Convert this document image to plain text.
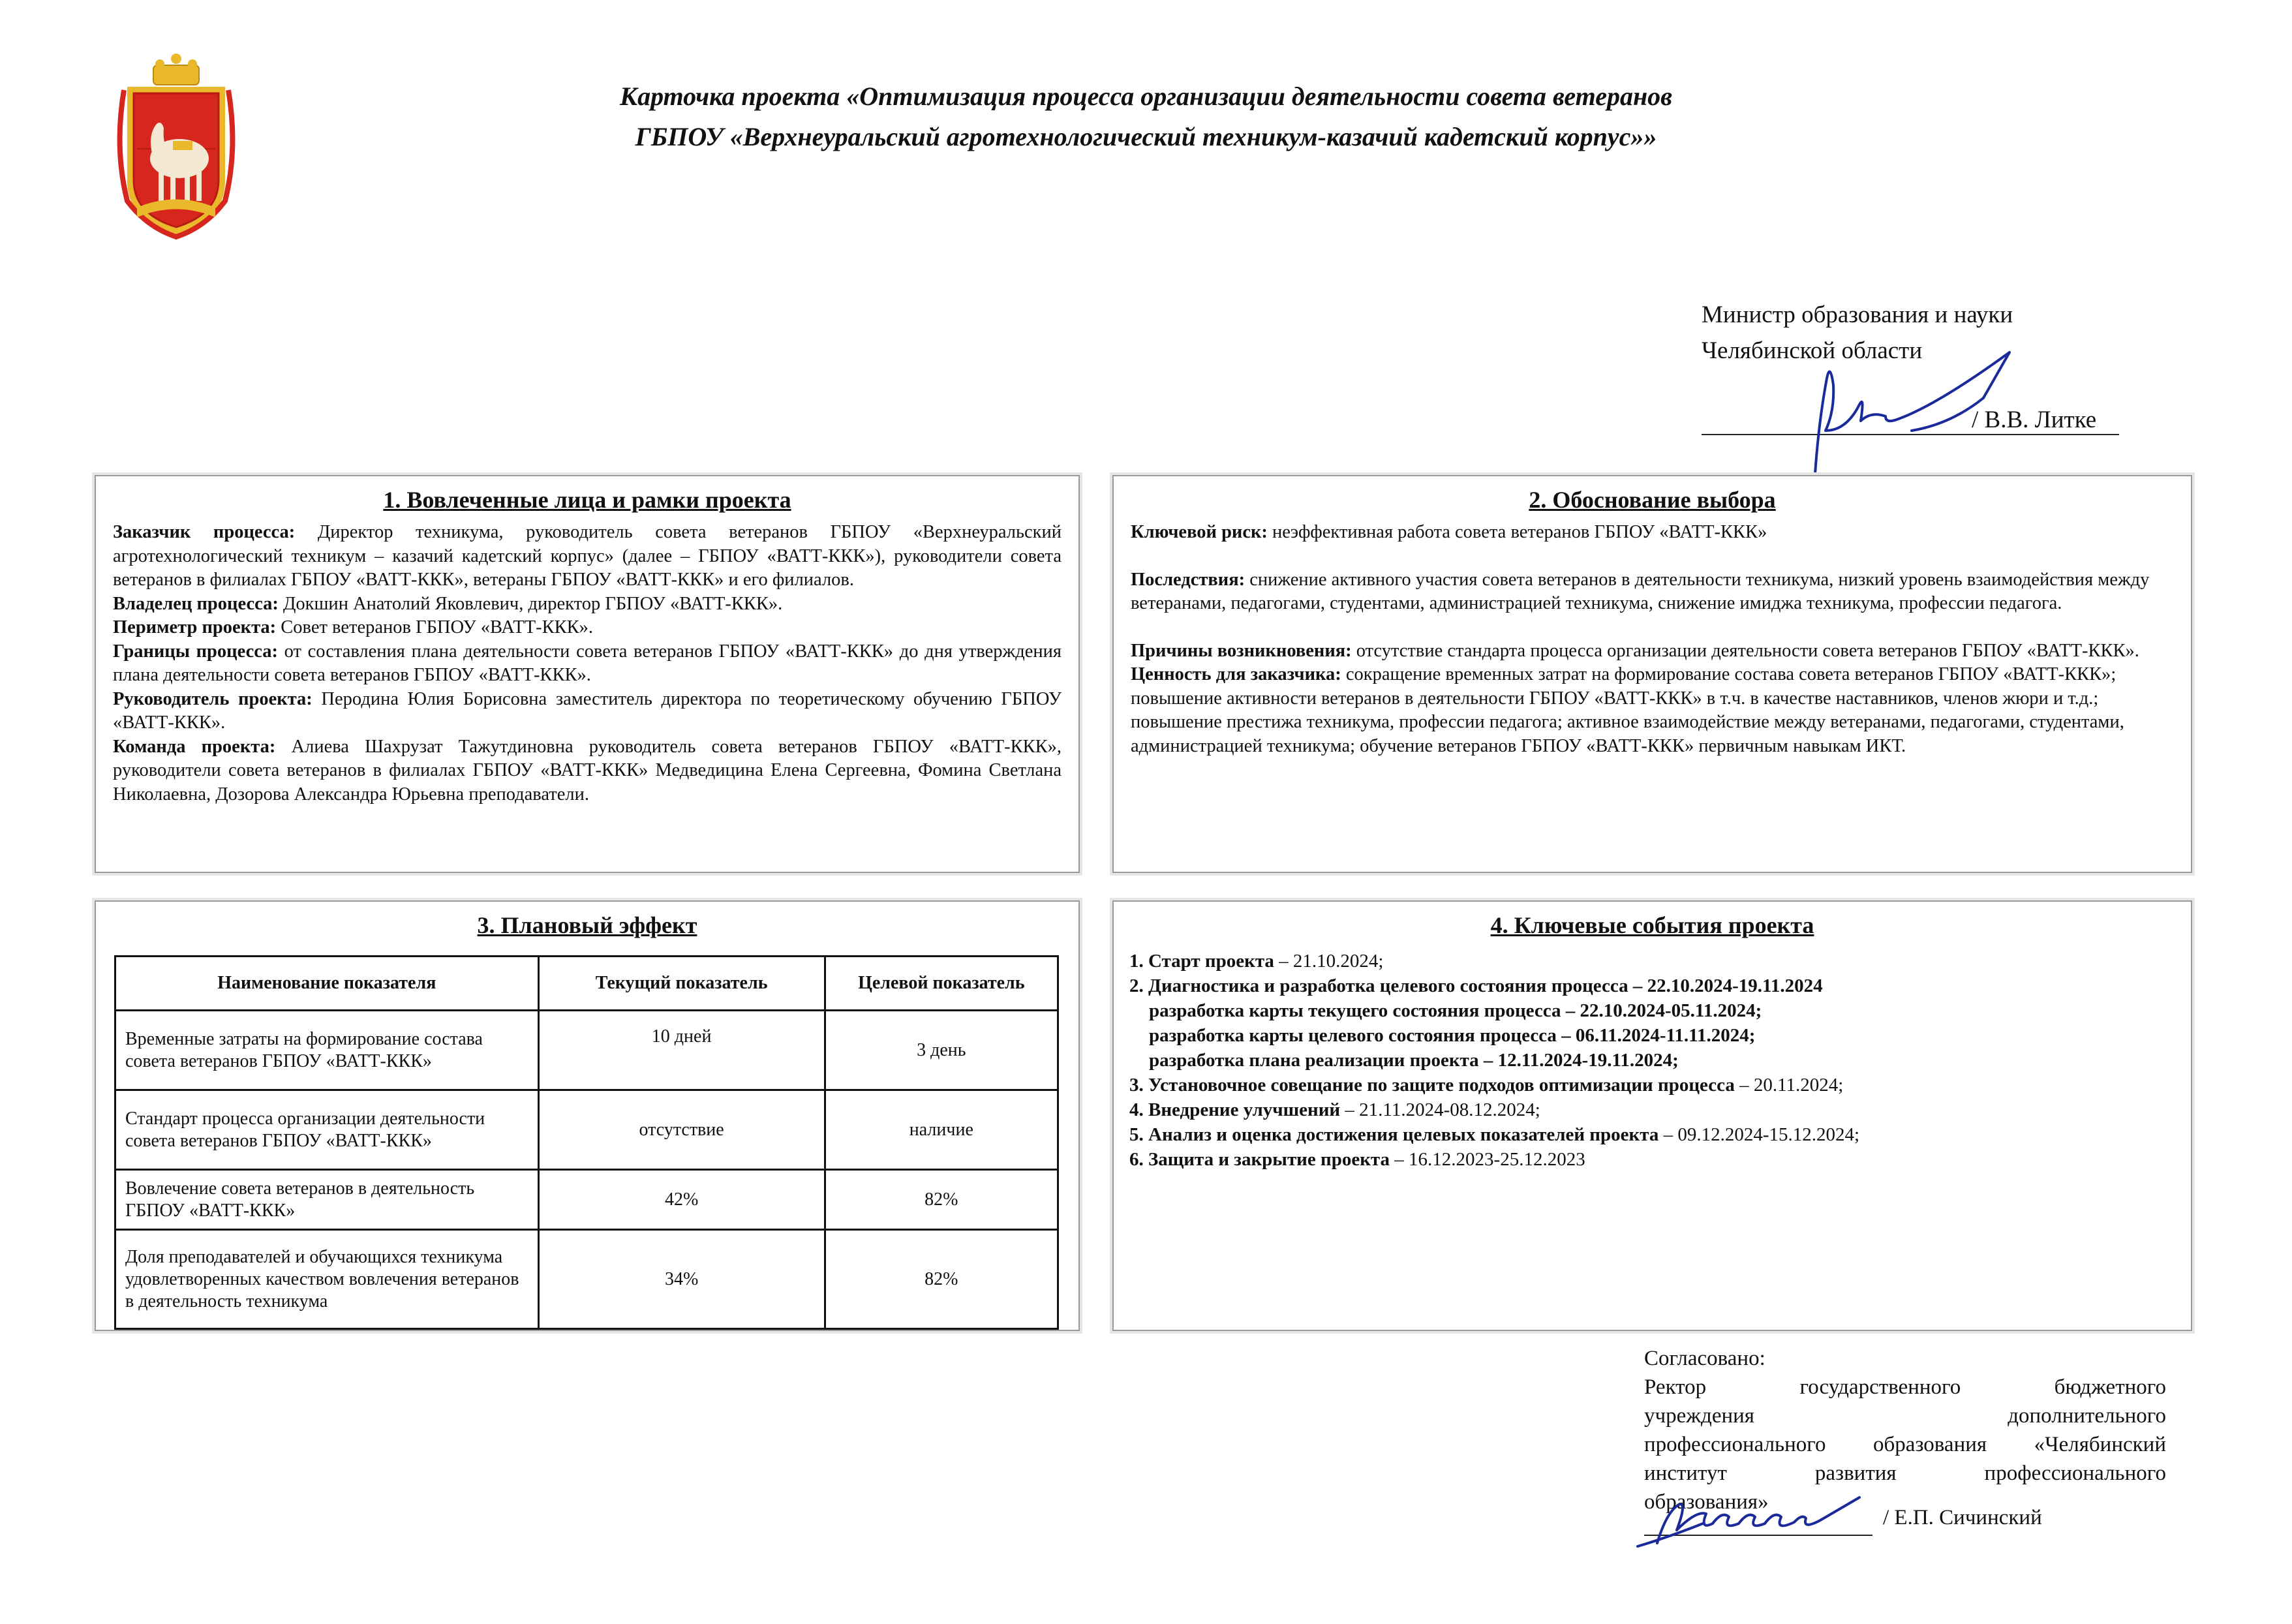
Карточка проекта «Оптимизация процесса организации деятельности совета ветеранов
ГБПОУ «Верхнеуральский агротехнологический техникум-казачий кадетский корпус»»
Министр образования и науки
Челябинской области
/ В.В. Литке
1. Вовлеченные лица и рамки проекта

Заказчик процесса: Директор техникума, руководитель совета ветеранов ГБПОУ «Верхнеуральский агротехнологический техникум – казачий кадетский корпус» (далее – ГБПОУ «ВАТТ-ККК»), руководители совета ветеранов в филиалах ГБПОУ «ВАТТ-ККК», ветераны ГБПОУ «ВАТТ-ККК» и его филиалов.

Владелец процесса: Докшин Анатолий Яковлевич, директор ГБПОУ «ВАТТ-ККК».

Периметр проекта: Совет ветеранов ГБПОУ «ВАТТ-ККК».

Границы процесса: от составления плана деятельности совета ветеранов ГБПОУ «ВАТТ-ККК» до дня утверждения плана деятельности совета ветеранов ГБПОУ «ВАТТ-ККК».

Руководитель проекта: Перодина Юлия Борисовна заместитель директора по теоретическому обучению ГБПОУ «ВАТТ-ККК».

Команда проекта: Алиева Шахрузат Тажутдиновна руководитель совета ветеранов ГБПОУ «ВАТТ-ККК», руководители совета ветеранов в филиалах ГБПОУ «ВАТТ-ККК» Медведицина Елена Сергеевна, Фомина Светлана Николаевна, Дозорова Александра Юрьевна преподаватели.

2. Обоснование выбора

Ключевой риск: неэффективная работа совета ветеранов ГБПОУ «ВАТТ-ККК»

Последствия: снижение активного участия совета ветеранов в деятельности техникума, низкий уровень взаимодействия между ветеранами, педагогами, студентами, администрацией техникума, снижение имиджа техникума, профессии педагога.

Причины возникновения: отсутствие стандарта процесса организации деятельности совета ветеранов ГБПОУ «ВАТТ-ККК».

Ценность для заказчика: сокращение временных затрат на формирование состава совета ветеранов ГБПОУ «ВАТТ-ККК»; повышение активности ветеранов в деятельности ГБПОУ «ВАТТ-ККК» в т.ч. в качестве наставников, членов жюри и т.д.; повышение престижа техникума, профессии педагога; активное взаимодействие между ветеранами, педагогами, студентами, администрацией техникума; обучение ветеранов ГБПОУ «ВАТТ-ККК» первичным навыкам ИКТ.

3. Плановый эффект
Наименование показателя	Текущий показатель	Целевой показатель
Временные затраты на формирование состава совета ветеранов ГБПОУ «ВАТТ-ККК»	10 дней	3 день
Стандарт процесса организации деятельности совета ветеранов ГБПОУ «ВАТТ-ККК»	отсутствие	наличие
Вовлечение совета ветеранов в деятельность ГБПОУ «ВАТТ-ККК»	42%	82%
Доля преподавателей и обучающихся техникума удовлетворенных качеством вовлечения ветеранов в деятельность техникума	34%	82%
4. Ключевые события проекта
1. Старт проекта – 21.10.2024;
2. Диагностика и разработка целевого состояния процесса – 22.10.2024-19.11.2024
разработка карты текущего состояния процесса – 22.10.2024-05.11.2024;
разработка карты целевого состояния процесса – 06.11.2024-11.11.2024;
разработка плана реализации проекта – 12.11.2024-19.11.2024;
3. Установочное совещание по защите подходов оптимизации процесса – 20.11.2024;
4. Внедрение улучшений – 21.11.2024-08.12.2024;
5. Анализ и оценка достижения целевых показателей проекта – 09.12.2024-15.12.2024;
6. Защита и закрытие проекта – 16.12.2023-25.12.2023
Согласовано:
Ректор государственного бюджетного
учреждения дополнительного
профессионального образования «Челябинский
институт развития профессионального
образования»
/ Е.П. Сичинский
